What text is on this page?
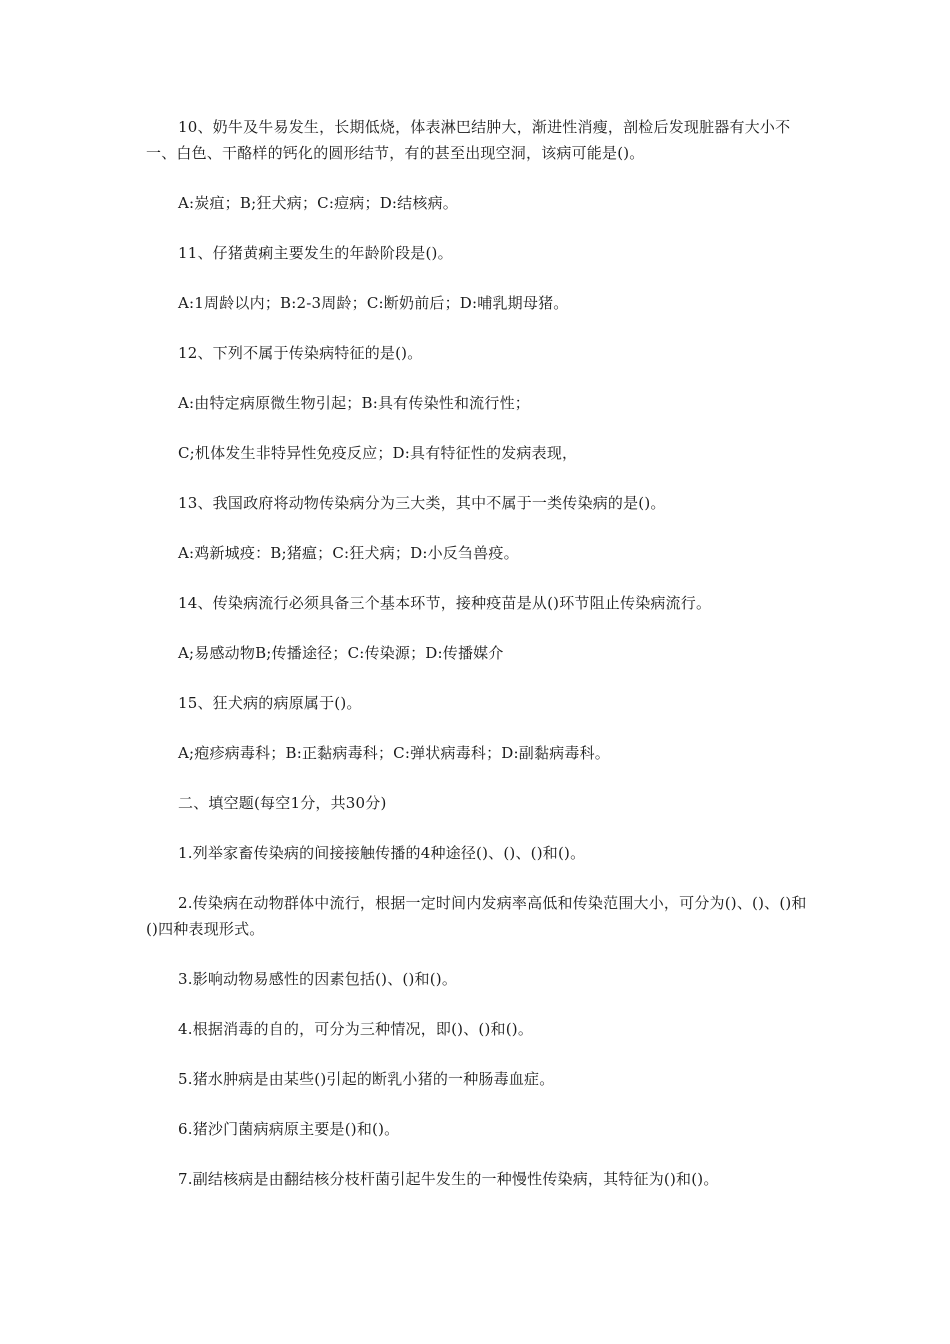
10、奶牛及牛易发生，长期低烧，体表淋巴结肿大，渐进性消瘦，剖检后发现脏器有大小不一、白色、干酪样的钙化的圆形结节，有的甚至出现空洞，该病可能是()。

A:炭疽；B;狂犬病；C:痘病；D:结核病。

11、仔猪黄痢主要发生的年龄阶段是()。

A:1周龄以内；B:2-3周龄；C:断奶前后；D:哺乳期母猪。

12、下列不属于传染病特征的是()。

A:由特定病原微生物引起；B:具有传染性和流行性；

C;机体发生非特异性免疫反应；D:具有特征性的发病表现，

13、我国政府将动物传染病分为三大类，其中不属于一类传染病的是()。

A:鸡新城疫：B;猪瘟；C:狂犬病；D:小反刍兽疫。

14、传染病流行必须具备三个基本环节，接种疫苗是从()环节阻止传染病流行。

A;易感动物B;传播途径；C:传染源；D:传播媒介

15、狂犬病的病原属于()。

A;疱疹病毒科；B:正黏病毒科；C:弹状病毒科；D:副黏病毒科。

二、填空题(每空1分，共30分)

1.列举家畜传染病的间接接触传播的4种途径()、()、()和()。

2.传染病在动物群体中流行，根据一定时间内发病率高低和传染范围大小，可分为()、()、()和()四种表现形式。

3.影响动物易感性的因素包括()、()和()。

4.根据消毒的自的，可分为三种情况，即()、()和()。

5.猪水肿病是由某些()引起的断乳小猪的一种肠毒血症。

6.猪沙门菌病病原主要是()和()。

7.副结核病是由翻结核分枝杆菌引起牛发生的一种慢性传染病，其特征为()和()。
